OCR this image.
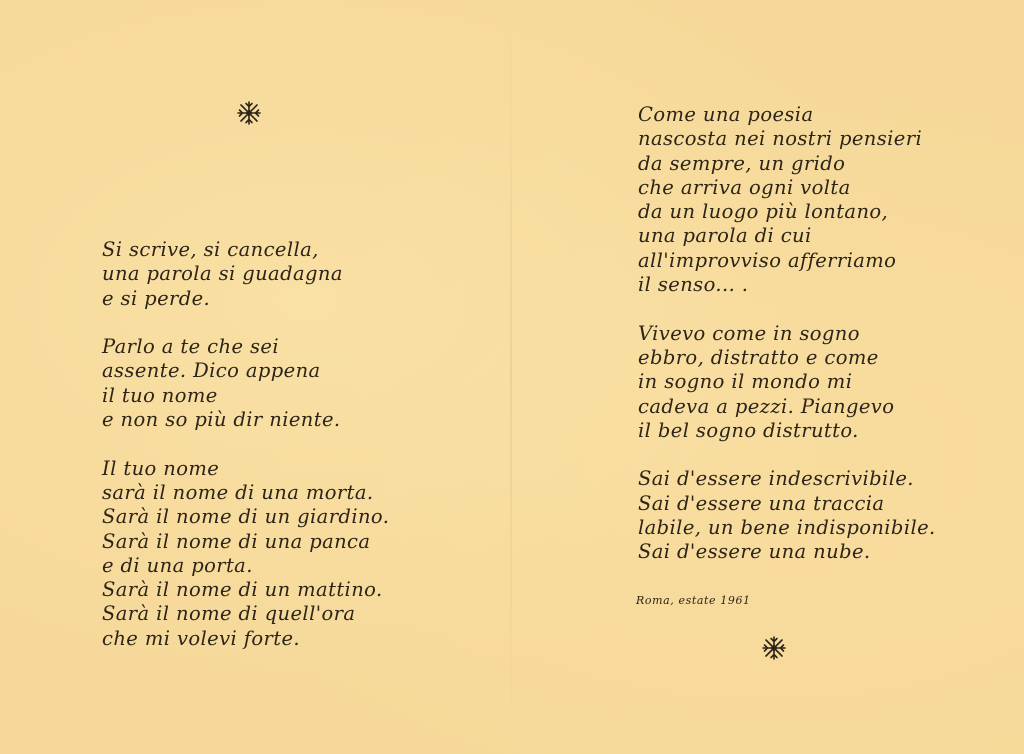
Si scrive, si cancella,
una parola si guadagna
e si perde.
Parlo a te che sei
assente. Dico appena
il tuo nome
e non so più dir niente.
Il tuo nome
sarà il nome di una morta.
Sarà il nome di un giardino.
Sarà il nome di una panca
e di una porta.
Sarà il nome di un mattino.
Sarà il nome di quell'ora
che mi volevi forte.
Come una poesia
nascosta nei nostri pensieri
da sempre, un grido
che arriva ogni volta
da un luogo più lontano,
una parola di cui
all'improvviso afferriamo
il senso... .
Vivevo come in sogno
ebbro, distratto e come
in sogno il mondo mi
cadeva a pezzi. Piangevo
il bel sogno distrutto.
Sai d'essere indescrivibile.
Sai d'essere una traccia
labile, un bene indisponibile.
Sai d'essere una nube.
Roma, estate 1961
